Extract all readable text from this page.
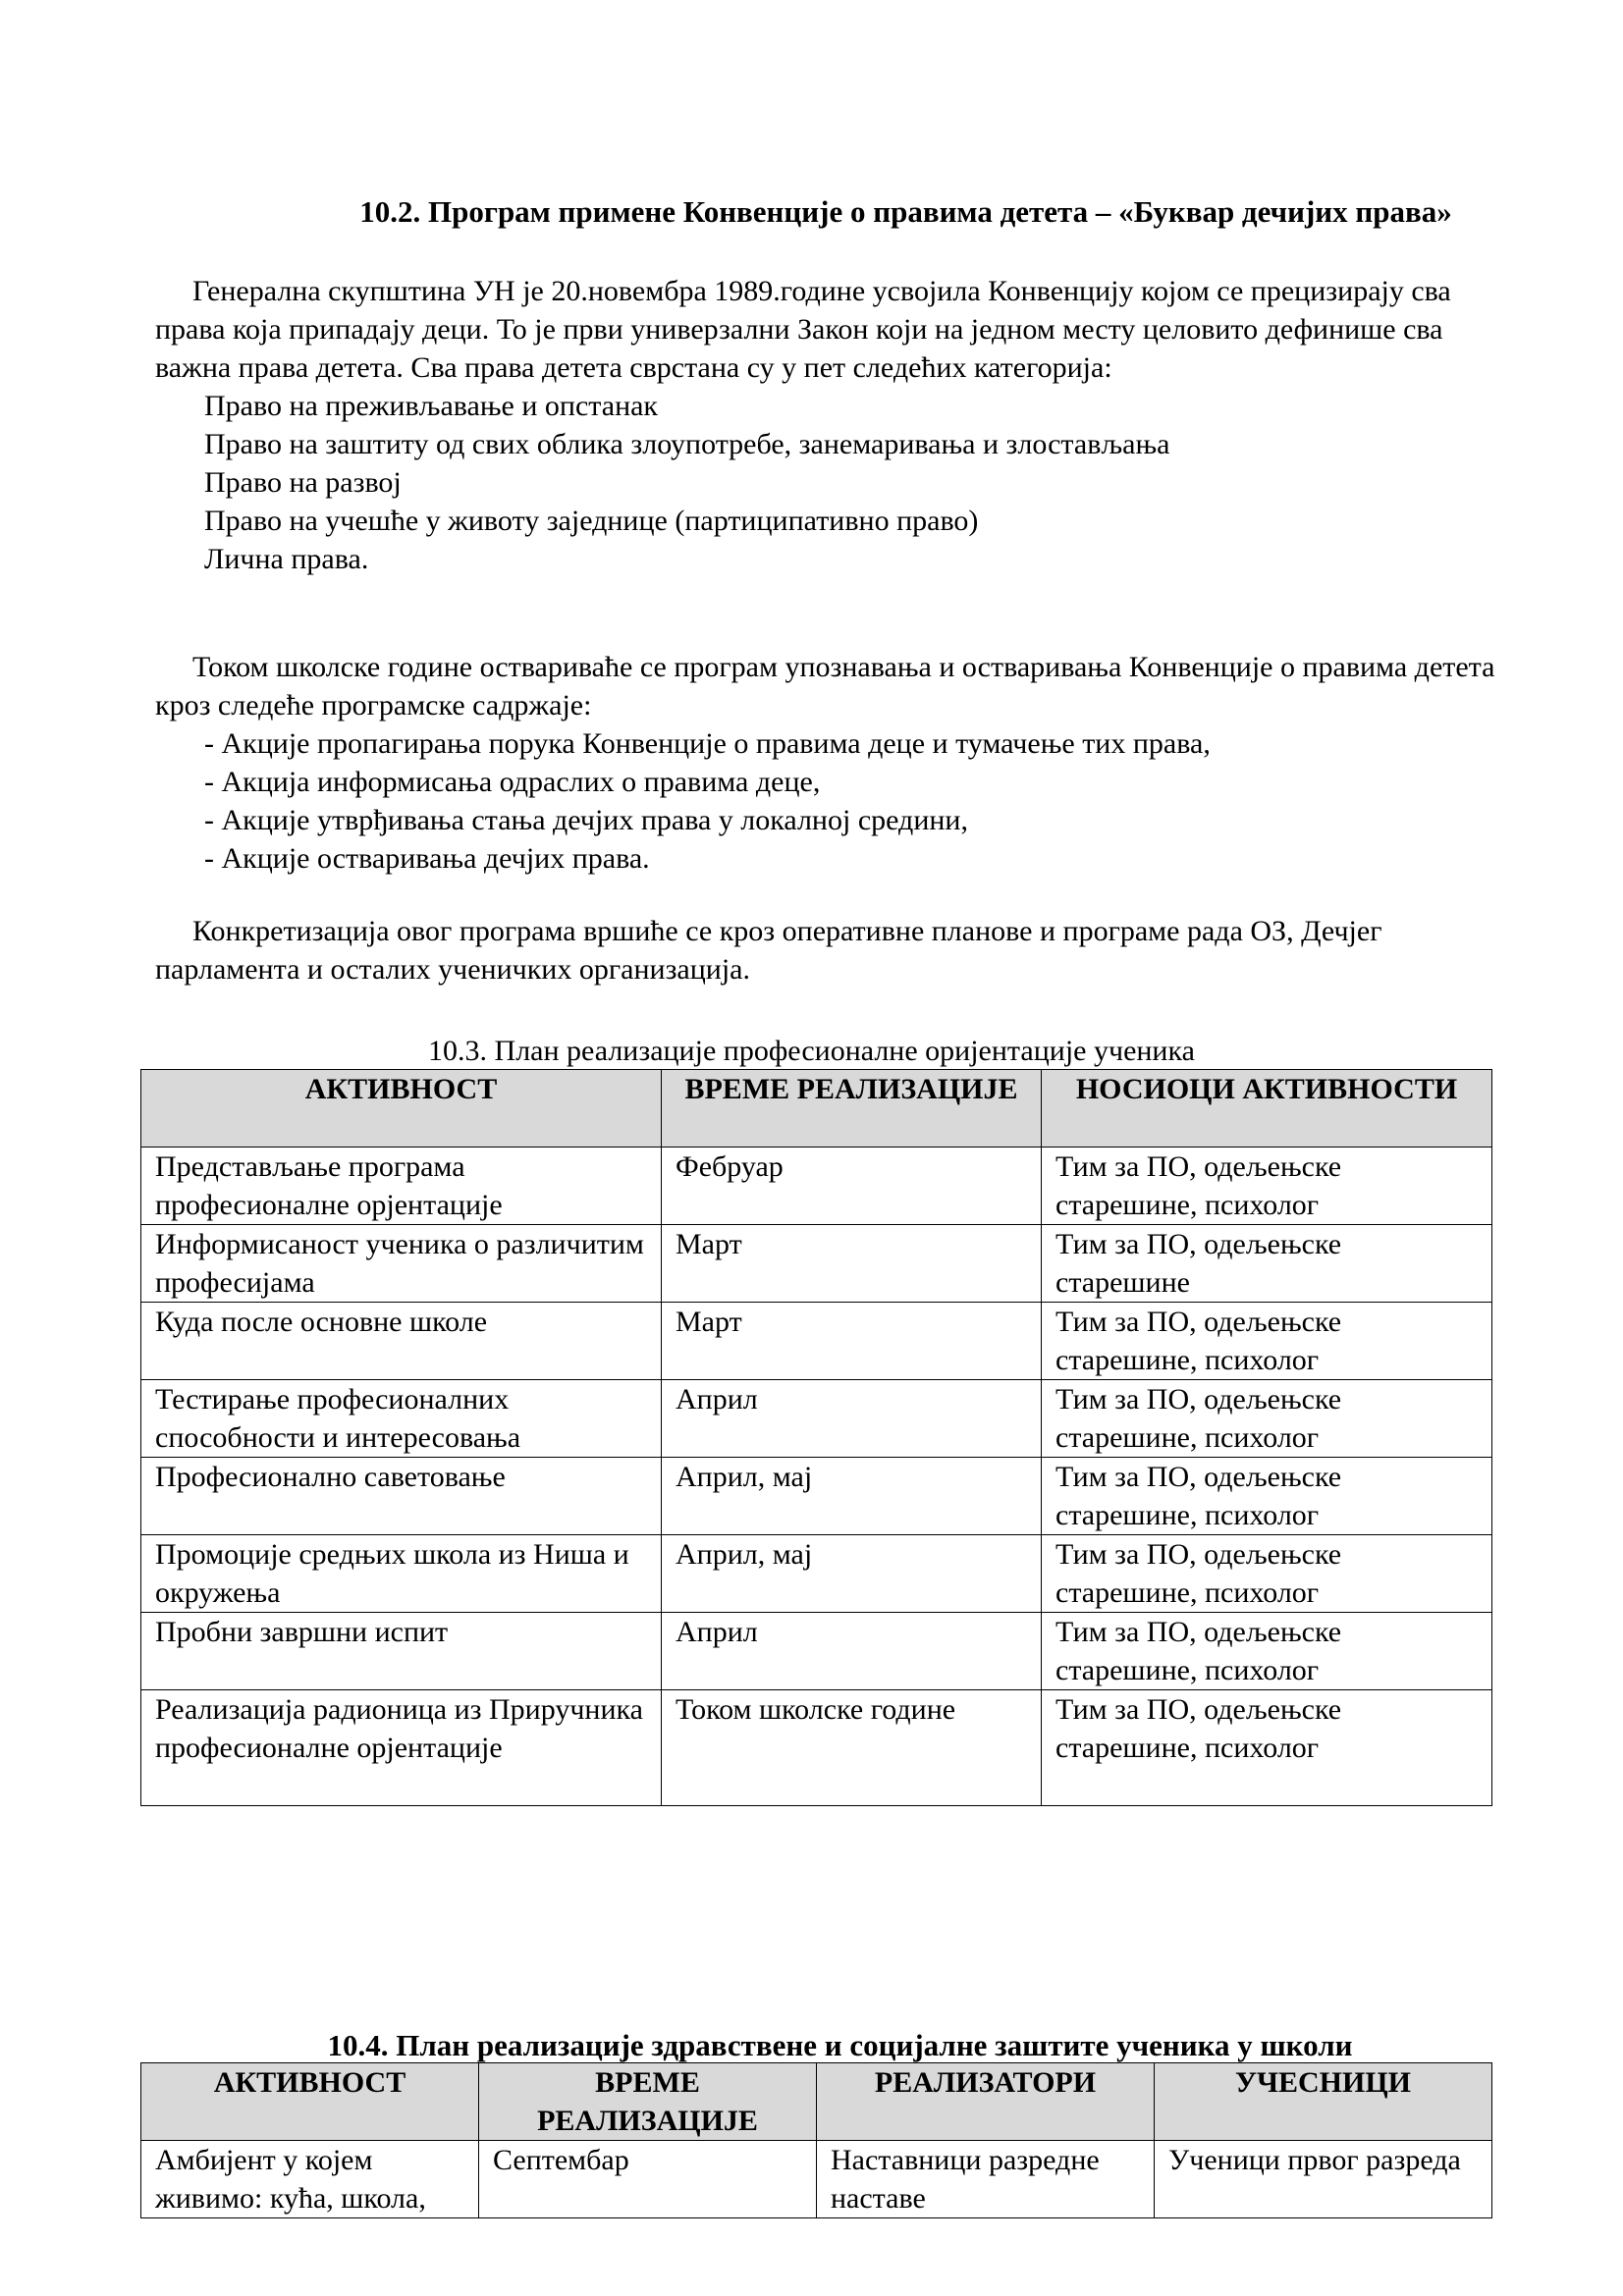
10.2. Програм примене Конвенције о правима детета – «Буквар дечијих права»

Генерална скупштина УН је 20.новембра 1989.године усвојила Конвенцију којом се прецизирају сва права која припадају деци. То је први универзални Закон који на једном месту целовито дефинише сва важна права детета. Сва права детета сврстана су у пет следећих категорија:

Право на преживљавање и опстанак

Право на заштиту од свих облика злоупотребе, занемаривања и злостављања

Право на развој

Право на учешће у животу заједнице (партиципативно право)

Лична права.

Током школске године оствариваће се програм упознавања и остваривања Конвенције о правима детета кроз следеће програмске садржаје:

- Акције пропагирања порука Конвенције о правима деце и тумачење тих права,

- Акција информисања одраслих о правима деце,

- Акције утврђивања стања дечјих права у локалној средини,

- Акције остваривања дечјих права.

Конкретизација овог програма вршиће се кроз оперативне планове и програме рада ОЗ, Дечјег парламента и осталих ученичких организација.

10.3. План реализације професионалне оријентације ученика
АКТИВНОСТ	ВРЕМЕ РЕАЛИЗАЦИЈЕ	НОСИОЦИ АКТИВНОСТИ
Представљање програма професионалне орјентације	Фебруар	Тим за ПО, одељењске старешине, психолог
Информисаност ученика о различитим професијама	Март	Тим за ПО, одељењске старешине
Куда после основне школе	Март	Тим за ПО, одељењске старешине, психолог
Тестирање професионалних способности и интересовања	Април	Тим за ПО, одељењске старешине, психолог
Професионално саветовање	Април, мај	Тим за ПО, одељењске старешине, психолог
Промоције средњих школа из Ниша и окружења	Април, мај	Тим за ПО, одељењске старешине, психолог
Пробни завршни испит	Април	Тим за ПО, одељењске старешине, психолог
Реализација радионица из Приручника професионалне орјентације	Током школске године	Тим за ПО, одељењске старешине, психолог
10.4. План реализације здравствене и социјалне заштите ученика у школи
АКТИВНОСТ	ВРЕМЕ РЕАЛИЗАЦИЈЕ	РЕАЛИЗАТОРИ	УЧЕСНИЦИ
Амбијент у којем живимо: кућа, школа,	Септембар	Наставници разредне наставе	Ученици првог разреда
